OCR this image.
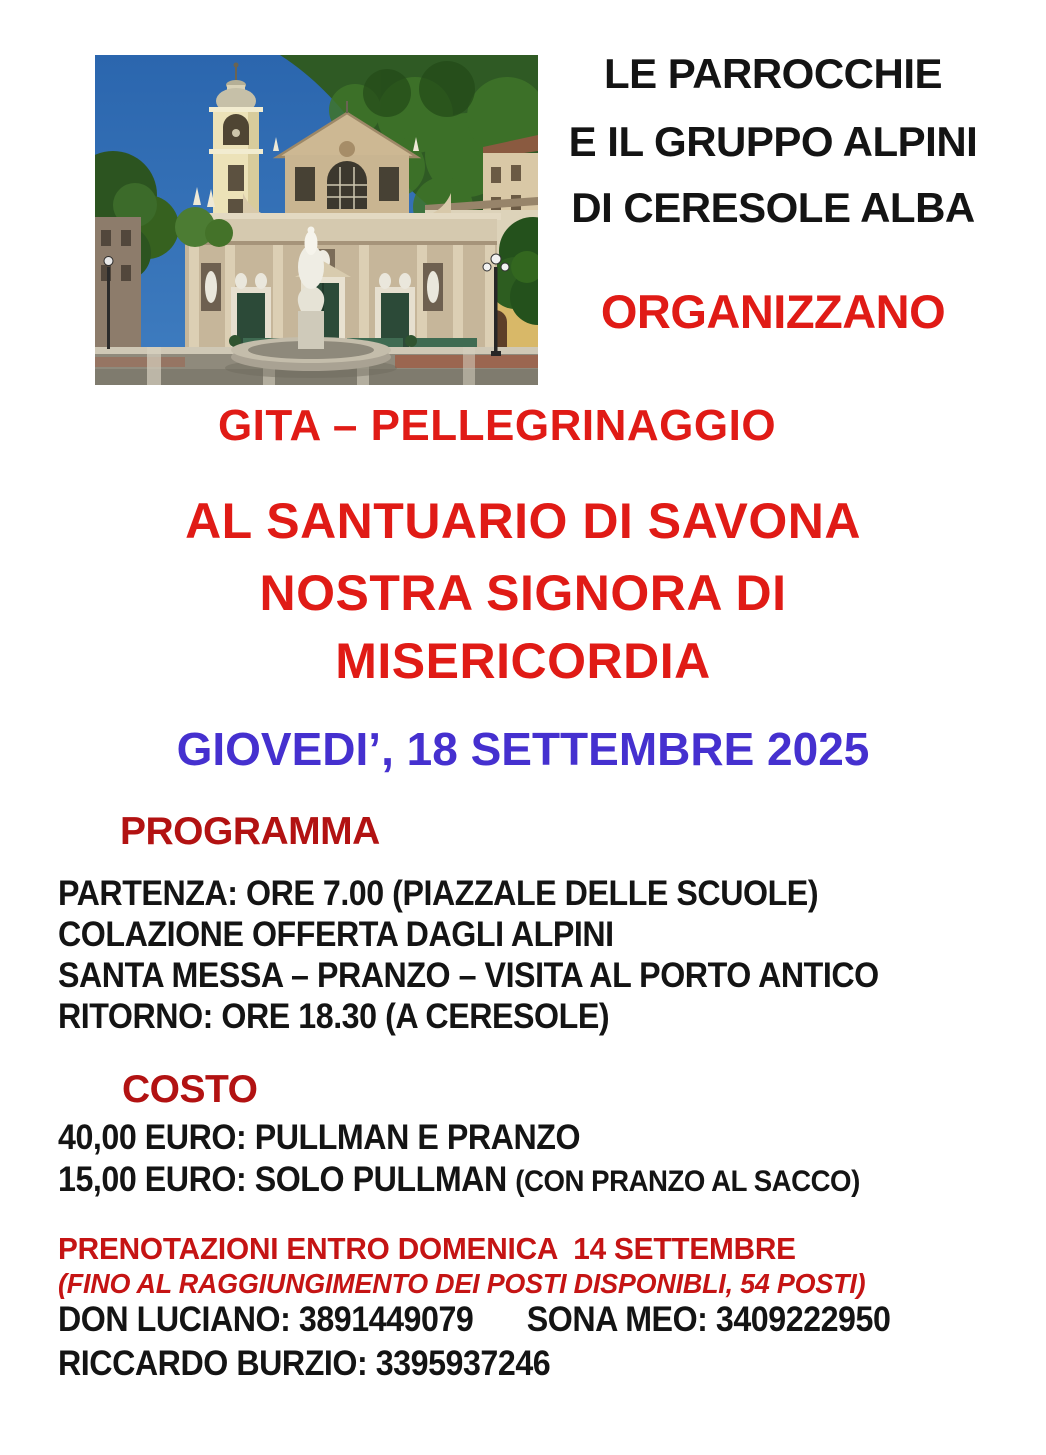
LE PARROCCHIE
E IL GRUPPO ALPINI
DI CERESOLE ALBA
ORGANIZZANO
GITA – PELLEGRINAGGIO
AL SANTUARIO DI SAVONA
NOSTRA SIGNORA DI
MISERICORDIA
GIOVEDI’, 18 SETTEMBRE 2025
PROGRAMMA
PARTENZA: ORE 7.00 (PIAZZALE DELLE SCUOLE)
COLAZIONE OFFERTA DAGLI ALPINI
SANTA MESSA – PRANZO – VISITA AL PORTO ANTICO
RITORNO: ORE 18.30 (A CERESOLE)
COSTO
40,00 EURO: PULLMAN E PRANZO
15,00 EURO: SOLO PULLMAN (CON PRANZO AL SACCO)
PRENOTAZIONI ENTRO DOMENICA  14 SETTEMBRE
(FINO AL RAGGIUNGIMENTO DEI POSTI DISPONIBLI, 54 POSTI)
DON LUCIANO: 3891449079 SONA MEO: 3409222950
RICCARDO BURZIO: 3395937246
